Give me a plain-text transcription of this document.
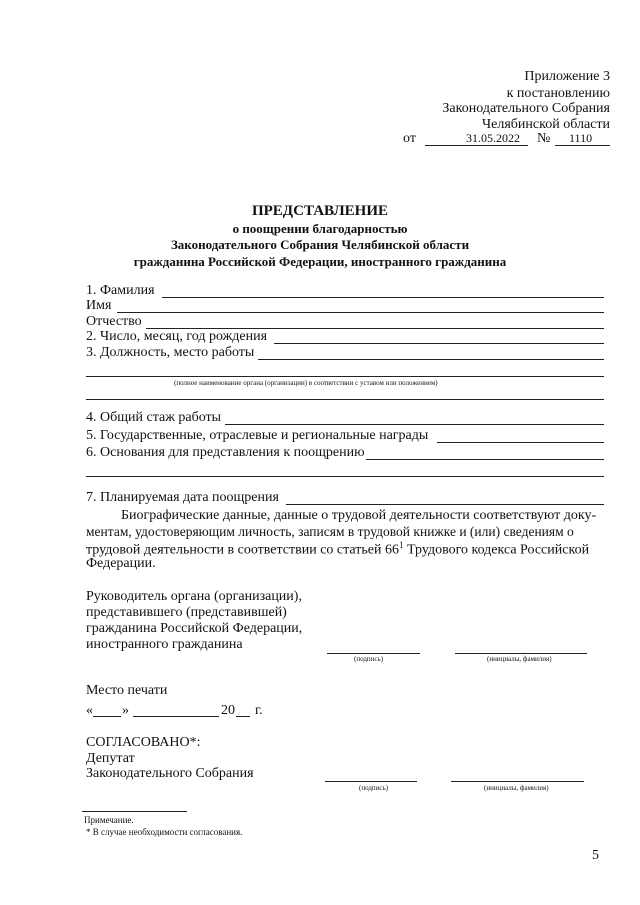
Приложение 3
к постановлению
Законодательного Собрания
Челябинской области
от	31.05.2022 № 1110
ПРЕДСТАВЛЕНИЕ
о поощрении благодарностью
Законодательного Собрания Челябинской области
гражданина Российской Федерации, иностранного гражданина
1. Фамилия
Имя
Отчество
2. Число, месяц, год рождения
3. Должность, место работы
(полное наименование органа (организации) в соответствии с уставом или положением)
4. Общий стаж работы
5. Государственные, отраслевые и региональные награды
6. Основания для представления к поощрению
7. Планируемая дата поощрения
Биографические данные, данные о трудовой деятельности соответствуют доку-
ментам, удостоверяющим личность, записям в трудовой книжке и (или) сведениям о
трудовой деятельности в соответствии со статьей $66^1$ Трудового кодекса Российской
Федерации.
Руководитель органа (организации),
представившего (представившей)
гражданина Российской Федерации,
иностранного гражданина
(подпись)	(инициалы, фамилия)
Место печати
« »	20 г.
СОГЛАСОВАНО*:
Депутат
Законодательного Собрания
(подпись)	(инициалы, фамилия)
Примечание.
* В случае необходимости согласования.
5
